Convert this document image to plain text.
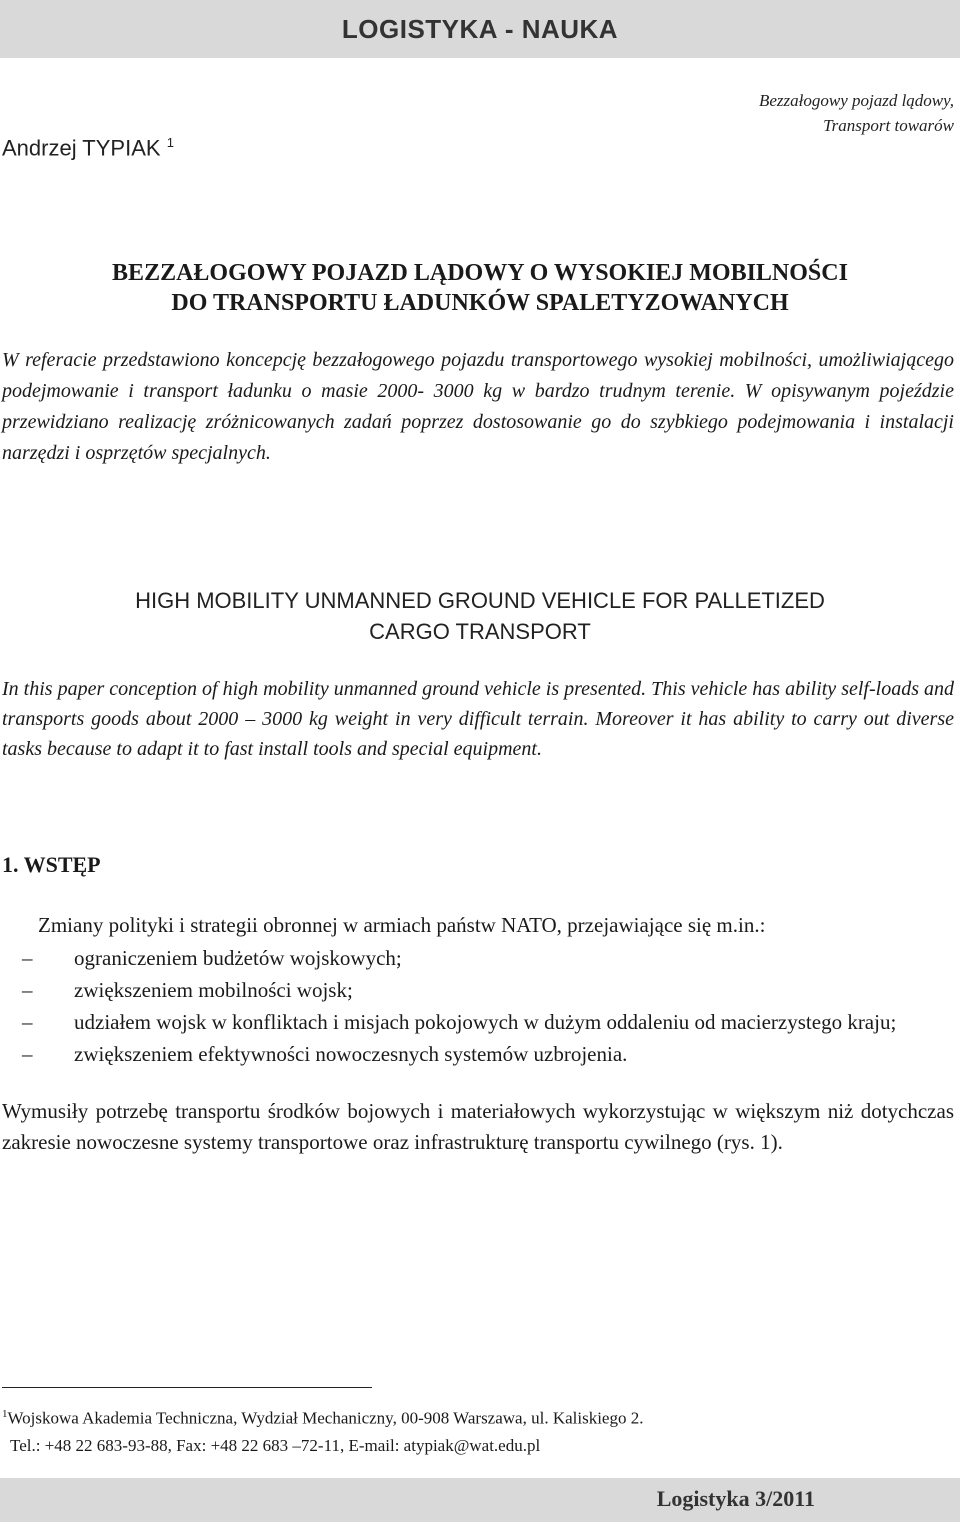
LOGISTYKA - NAUKA
Bezzałogowy pojazd lądowy,
Transport towarów
Andrzej TYPIAK $^1$
BEZZAŁOGOWY POJAZD LĄDOWY O WYSOKIEJ MOBILNOŚCI
DO TRANSPORTU ŁADUNKÓW SPALETYZOWANYCH
W referacie przedstawiono koncepcję bezzałogowego pojazdu transportowego wysokiej mobilności, umożliwiającego podejmowanie i transport ładunku o masie 2000- 3000 kg w bardzo trudnym terenie. W opisywanym pojeździe przewidziano realizację zróżnicowanych zadań poprzez dostosowanie go do szybkiego podejmowania i instalacji narzędzi i osprzętów specjalnych.
HIGH MOBILITY UNMANNED GROUND VEHICLE FOR PALLETIZED
CARGO TRANSPORT
In this paper conception of high mobility unmanned ground vehicle is presented. This vehicle has ability self-loads and transports goods about 2000 – 3000 kg weight in very difficult terrain. Moreover it has ability to carry out diverse tasks because to adapt it to fast install tools and special equipment.
1. WSTĘP
Zmiany polityki i strategii obronnej w armiach państw NATO, przejawiające się m.in.:
– ograniczeniem budżetów wojskowych;
– zwiększeniem mobilności wojsk;
– udziałem wojsk w konfliktach i misjach pokojowych w dużym oddaleniu od macierzystego kraju;
– zwiększeniem efektywności nowoczesnych systemów uzbrojenia.
Wymusiły potrzebę transportu środków bojowych i materiałowych wykorzystując w większym niż dotychczas zakresie nowoczesne systemy transportowe oraz infrastrukturę transportu cywilnego (rys. 1).
$^1$Wojskowa Akademia Techniczna, Wydział Mechaniczny, 00-908 Warszawa, ul. Kaliskiego 2.
Tel.: +48 22 683-93-88, Fax: +48 22 683 –72-11, E-mail: atypiak@wat.edu.pl
Logistyka 3/2011
